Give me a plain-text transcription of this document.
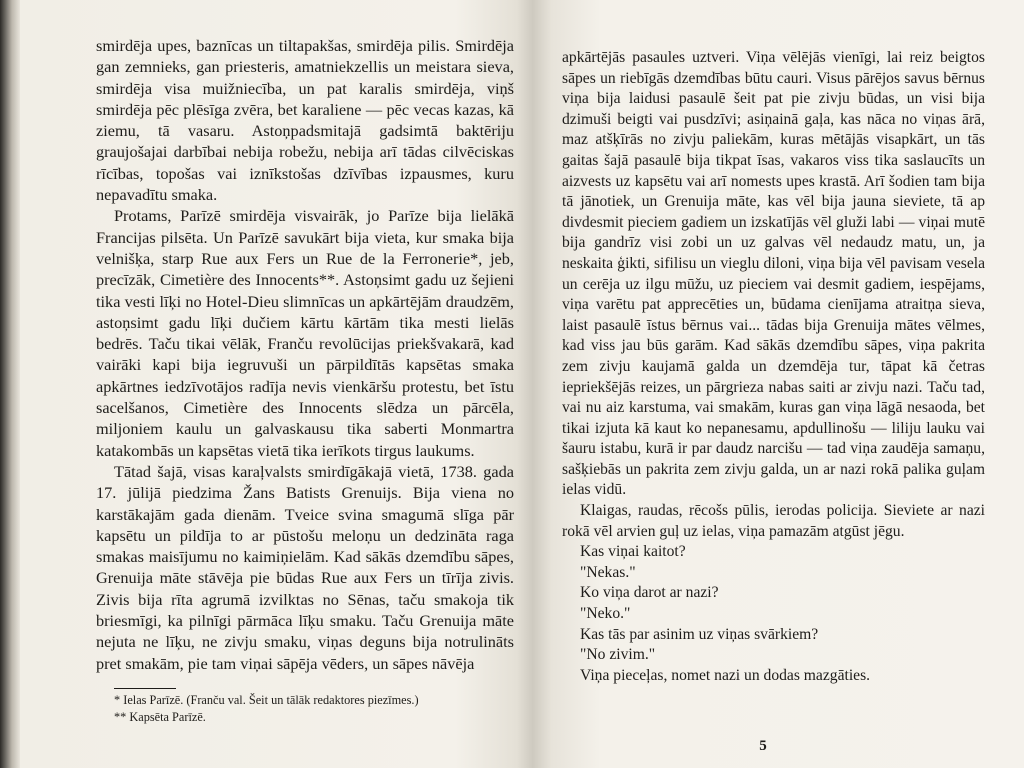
smirdēja upes, baznīcas un tiltapakšas, smirdēja pilis. Smirdēja gan zemnieks, gan priesteris, amatniekzellis un meistara sieva, smirdēja visa muižniecība, un pat karalis smirdēja, viņš smirdēja pēc plēsīga zvēra, bet karaliene — pēc vecas kazas, kā ziemu, tā vasaru. Astoņpadsmitajā gadsimtā baktēriju graujošajai darbībai nebija robežu, nebija arī tādas cilvēciskas rīcības, topošas vai iznīkstošas dzīvības izpausmes, kuru nepavadītu smaka.

Protams, Parīzē smirdēja visvairāk, jo Parīze bija lielākā Francijas pilsēta. Un Parīzē savukārt bija vieta, kur smaka bija velnišķa, starp Rue aux Fers un Rue de la Ferronerie*, jeb, precīzāk, Cimetière des Innocents**. Astoņsimt gadu uz šejieni tika vesti līķi no Hotel-Dieu slimnīcas un apkārtējām draudzēm, astoņsimt gadu līķi dučiem kārtu kārtām tika mesti lielās bedrēs. Taču tikai vēlāk, Franču revolūcijas priekšvakarā, kad vairāki kapi bija iegruvuši un pārpildītās kapsētas smaka apkārtnes iedzīvotājos radīja nevis vienkāršu protestu, bet īstu sacelšanos, Cimetière des Innocents slēdza un pārcēla, miljoniem kaulu un galvaskausu tika saberti Monmartra katakombās un kapsētas vietā tika ierīkots tirgus laukums.

Tātad šajā, visas karaļvalsts smirdīgākajā vietā, 1738. gada 17. jūlijā piedzima Žans Batists Grenuijs. Bija viena no karstākajām gada dienām. Tveice svina smagumā slīga pār kapsētu un pildīja to ar pūstošu meloņu un dedzināta raga smakas maisījumu no kaimiņielām. Kad sākās dzemdību sāpes, Grenuija māte stāvēja pie būdas Rue aux Fers un tīrīja zivis. Zivis bija rīta agrumā izvilktas no Sēnas, taču smakoja tik briesmīgi, ka pilnīgi pārmāca līķu smaku. Taču Grenuija māte nejuta ne līķu, ne zivju smaku, viņas deguns bija notrulināts pret smakām, pie tam viņai sāpēja vēders, un sāpes nāvēja

* Ielas Parīzē. (Franču val. Šeit un tālāk redaktores piezīmes.)
** Kapsēta Parīzē.

apkārtējās pasaules uztveri. Viņa vēlējās vienīgi, lai reiz beigtos sāpes un riebīgās dzemdības būtu cauri. Visus pārējos savus bērnus viņa bija laidusi pasaulē šeit pat pie zivju būdas, un visi bija dzimuši beigti vai pusdzīvi; asiņainā gaļa, kas nāca no viņas ārā, maz atšķīrās no zivju paliekām, kuras mētājās visapkārt, un tās gaitas šajā pasaulē bija tikpat īsas, vakaros viss tika saslaucīts un aizvests uz kapsētu vai arī nomests upes krastā. Arī šodien tam bija tā jānotiek, un Grenuija māte, kas vēl bija jauna sieviete, tā ap divdesmit pieciem gadiem un izskatījās vēl gluži labi — viņai mutē bija gandrīz visi zobi un uz galvas vēl nedaudz matu, un, ja neskaita ģikti, sifilisu un vieglu diloni, viņa bija vēl pavisam vesela un cerēja uz ilgu mūžu, uz pieciem vai desmit gadiem, iespējams, viņa varētu pat apprecēties un, būdama cienījama atraitņa sieva, laist pasaulē īstus bērnus vai... tādas bija Grenuija mātes vēlmes, kad viss jau būs garām. Kad sākās dzemdību sāpes, viņa pakrita zem zivju kaujamā galda un dzemdēja tur, tāpat kā četras iepriekšējās reizes, un pārgrieza nabas saiti ar zivju nazi. Taču tad, vai nu aiz karstuma, vai smakām, kuras gan viņa lāgā nesaoda, bet tikai izjuta kā kaut ko nepanesamu, apdullinošu — liliju lauku vai šauru istabu, kurā ir par daudz narcišu — tad viņa zaudēja samaņu, sašķiebās un pakrita zem zivju galda, un ar nazi rokā palika guļam ielas vidū.

Klaigas, raudas, rēcošs pūlis, ierodas policija. Sieviete ar nazi rokā vēl arvien guļ uz ielas, viņa pamazām atgūst jēgu.

Kas viņai kaitot?

"Nekas."

Ko viņa darot ar nazi?

"Neko."

Kas tās par asinim uz viņas svārkiem?

"No zivim."

Viņa pieceļas, nomet nazi un dodas mazgāties.

5
